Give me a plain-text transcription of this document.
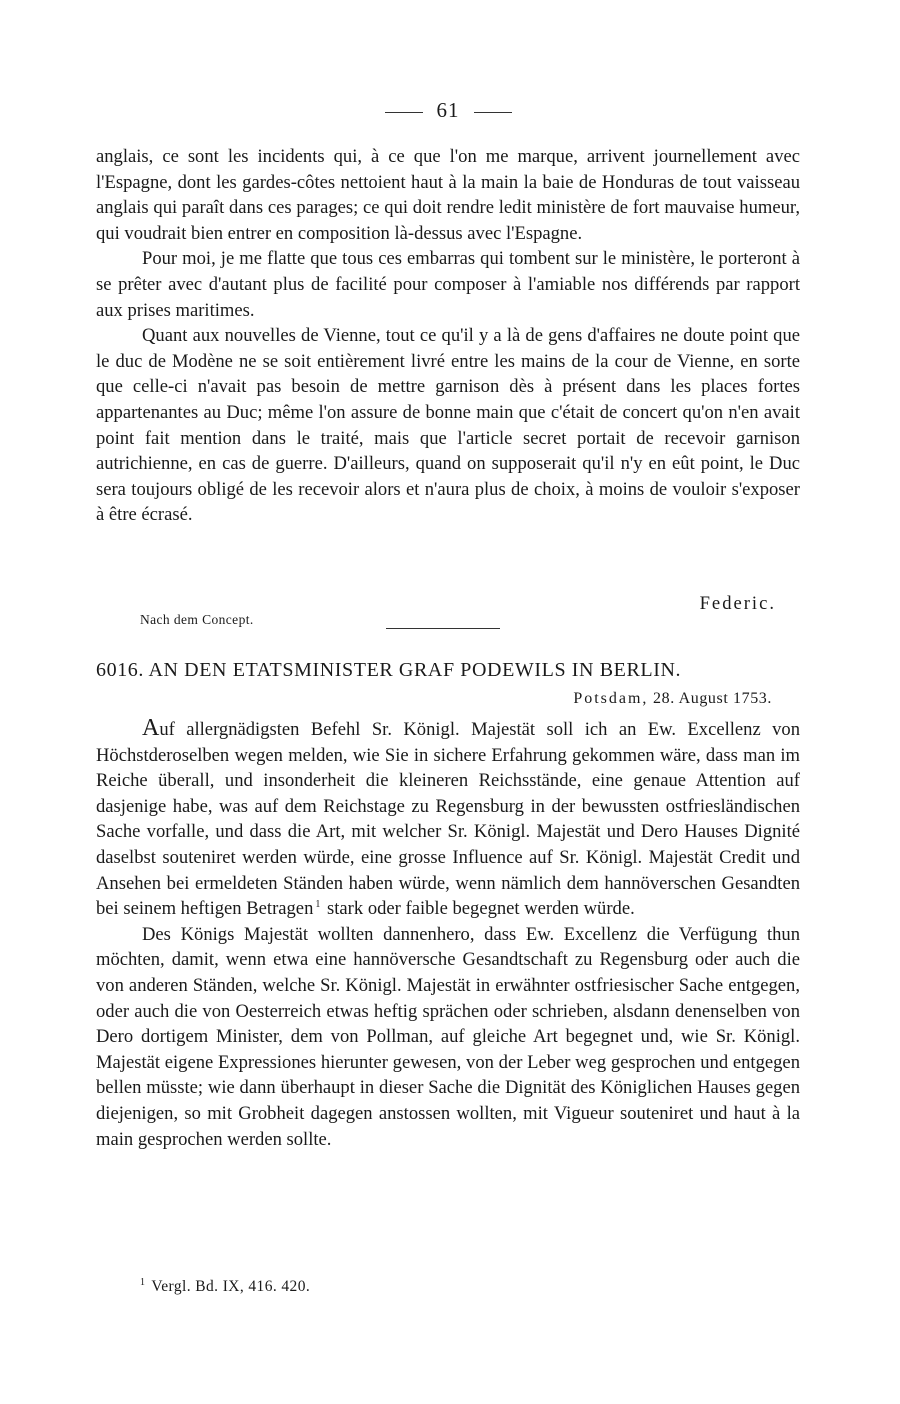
61

anglais, ce sont les incidents qui, à ce que l'on me marque, arrivent journellement avec l'Espagne, dont les gardes-côtes nettoient haut à la main la baie de Honduras de tout vaisseau anglais qui paraît dans ces parages; ce qui doit rendre ledit ministère de fort mauvaise humeur, qui voudrait bien entrer en composition là-dessus avec l'Espagne.

Pour moi, je me flatte que tous ces embarras qui tombent sur le ministère, le porteront à se prêter avec d'autant plus de facilité pour composer à l'amiable nos différends par rapport aux prises maritimes.

Quant aux nouvelles de Vienne, tout ce qu'il y a là de gens d'affaires ne doute point que le duc de Modène ne se soit entièrement livré entre les mains de la cour de Vienne, en sorte que celle-ci n'avait pas besoin de mettre garnison dès à présent dans les places fortes appartenantes au Duc; même l'on assure de bonne main que c'était de concert qu'on n'en avait point fait mention dans le traité, mais que l'article secret portait de recevoir garnison autrichienne, en cas de guerre. D'ailleurs, quand on supposerait qu'il n'y en eût point, le Duc sera toujours obligé de les recevoir alors et n'aura plus de choix, à moins de vouloir s'exposer à être écrasé.

Federic.
Nach dem Concept.
6016. AN DEN ETATSMINISTER GRAF PODEWILS IN BERLIN.
Potsdam, 28. August 1753.

Auf allergnädigsten Befehl Sr. Königl. Majestät soll ich an Ew. Excellenz von Höchstderoselben wegen melden, wie Sie in sichere Erfahrung gekommen wäre, dass man im Reiche überall, und insonderheit die kleineren Reichsstände, eine genaue Attention auf dasjenige habe, was auf dem Reichstage zu Regensburg in der bewussten ostfriesländischen Sache vorfalle, und dass die Art, mit welcher Sr. Königl. Majestät und Dero Hauses Dignité daselbst souteniret werden würde, eine grosse Influence auf Sr. Königl. Majestät Credit und Ansehen bei ermeldeten Ständen haben würde, wenn nämlich dem hannöverschen Gesandten bei seinem heftigen Betragen $^1$ stark oder faible begegnet werden würde.

Des Königs Majestät wollten dannenhero, dass Ew. Excellenz die Verfügung thun möchten, damit, wenn etwa eine hannöversche Gesandtschaft zu Regensburg oder auch die von anderen Ständen, welche Sr. Königl. Majestät in erwähnter ostfriesischer Sache entgegen, oder auch die von Oesterreich etwas heftig sprächen oder schrieben, alsdann denenselben von Dero dortigem Minister, dem von Pollman, auf gleiche Art begegnet und, wie Sr. Königl. Majestät eigene Expressiones hierunter gewesen, von der Leber weg gesprochen und entgegen bellen müsste; wie dann überhaupt in dieser Sache die Dignität des Königlichen Hauses gegen diejenigen, so mit Grobheit dagegen anstossen wollten, mit Vigueur souteniret und haut à la main gesprochen werden sollte.

$^1$ Vergl. Bd. IX, 416. 420.
